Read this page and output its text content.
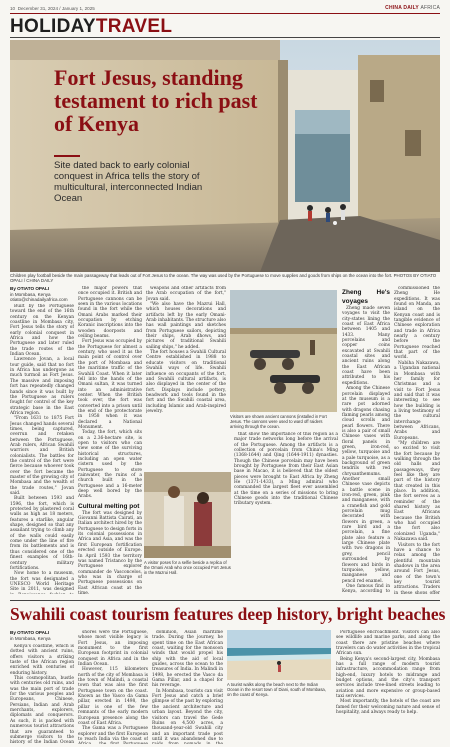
10 December 31, 2024 / January 1, 2025	CHINA DAILY AFRICA
HOLIDAYTRAVEL
Fort Jesus, standing testament to rich past of Kenya
Site dated back to early colonial conquest in Africa tells the story of multicultural, interconnected Indian Ocean
Children play football beside the main passageway that leads out of Fort Jesus to the ocean. The way was used by the Portuguese to move supplies and goods from ships on the ocean into the fort. PHOTOS BY OTIATO OPALI / CHINA DAILY
By OTIATO OPALI
in Mombasa, Kenya
otiato@chinadailyafrica.com

Built by the Portuguese toward the end of the 16th century on the Kenyan coastline in Mombasa city, Fort Jesus tells the story of early colonial conquest in Africa and how the Portuguese and later ruled the trade routes of the Indian Ocean.

Lawrence Jovan, a local tour guide, said that no fort in Africa has undergone as much turmoil as Fort Jesus. The massive and imposing fort has repeatedly changed hands since it was built by the Portuguese as rulers fought for control of the key strategic base in the East Africa region.

"From 1631 to 1875 Fort Jesus changed hands several times, being captured, overrun and retaken between the Portuguese, Arab rulers, African Swahili warriors and British colonialists. The battles for the control of the fort were fierce because whoever took over the fort became the master of the growing city of Mombasa and the wealth of the trade routes," Jovan said.

Built between 1593 and 1596, the fort, which is protected by plastered coral walls as high as 18 meters, features a starlike, angular shape, designed so that any assailant trying to climb any of the walls could easily come under the line of fire from its battlements and is thus considered one of the finest examples of 16th-century military fortifications.

Now home to a museum, the fort was designated a UNESCO World Heritage Site in 2011, was designed

the major powers that once occupied it. British and Portuguese cannons can be seen in the various locations found in the fort while the Omani Arabs marked their occupation by etching Koranic inscriptions into the wooden doorposts and ceiling beams.

Fort Jesus was occupied by the Portuguese for almost a century, who used it as the main point of control over the port of Mombasa and the maritime traffic of the Swahili Coast. When it later fell into the hands of the Omani sultan, it was turned into an administrative center. When the British took over, the fort was converted into a prison until the end of the protectorate in 1958 when it was declared a National Monument.

Today, the fort, which sits on a 2.36-hectare site, is open to visitors who can view some of the surviving historical structures, including an open water cistern used by the Portuguese to store rainwater, the ruins of a church built in the Portuguese and a 16-meter deep well bored by the Arabs.

Cultural melting pot

The fort was designed by Giovanni Battista Cairati, an Italian architect hired by the Portuguese to design forts in its colonial possessions in Africa and Asia, and was the first European fortification erected outside of Europe. In April 1593 the territory was named Tristanco by the Portuguese explorer commander de Vasconcelos, who was in charge of Portuguese possessions on East African coast at the time.

weapons and other artifacts from the Arab occupation of the fort," Jovan said.

"We also have the Mazrui Hall, which houses decorations and artifacts left by the early Omani-Arab inhabitants. The structure also has wall paintings and sketches from Portuguese sailors, depicting their ships, Arab dhows, and pictures of traditional Swahili sailing ships," he added.

The fort houses a Swahili Cultural Centre established in 1988 to educate visitors on traditional Swahili ways of life. Swahili influence on occupants of the fort, and Swahili cultural artifacts, is also displayed in the center of the fort. Displays include pottery, beadwork and tools found in the fort and the Swahili coastal area, including Islamic and Arab-inspired jewelry.

Visitors are shown ancient cannons (installed in Fort Jesus. The cannons were used to ward off raiders arriving through the ocean.
A visitor poses for a selfie beside a replica of the Omani Arab who once occupied Fort Jesus in the Mazrui Hall.

that show the importance of this region as a major trade networks long before the arrival of the Portuguese. Among the artifacts is a collection of porcelain from China's Ming (1368-1644) and Qing (1644-1911) dynasties. Though the Chinese porcelain may have been brought by Portuguese from their East Asian base in Macao, it is believed that the oldest pieces were brought to East Africa by Zheng He (1371-1433), a Ming admiral who commanded the largest fleet ever assembled at the time on a series of missions to bring Chinese goods into the traditional Chinese tributary system.

Zheng He's voyages

Zheng made seven voyages to visit the city-states lining the coast of East Africa between 1405 and 1433. Many porcelains and copper coins excavated at Swahili coastal sites and ancient ruins along the East African coast have been attributed to his expeditions.

Among the Chinese porcelain displayed at the museum is a rare pot adorned with dragons chasing flaming pearls among cloud scrolls and pearl flowers. There is also a pair of small Chinese vases with floral panels in green, iron-red, yellow, turquoise and a pale turquoise, as a background of green tendrils with red chrysanthemums. Another small Chinese vase depicts a battle scene in iron-red, green, pink and manganese, with a cranefish and gold porcelain mug decorated with flowers in green, a rare bird and a porcelain, a fine plate also feature a large Chinese plate with two dragons in grey, pencil surrounded by flowers and birds in turquoise, yellow, manganese and pencil red enamel.

One famous find in Kenya, according to

commissioned the Zheng He expeditions. It was found on Manda, an island on the Kenyan coast and is tangible evidence of Chinese exploration and trade in Africa nearly a century before the Portuguese reached that part of the world.

Nabiha Nakazawa, a Ugandan national in Mombasa with her family for Christmas and a visit to Fort Jesus and said that it was interesting to see how the building is a living testimony of the cultural interchange between Africans, Arabs and Europeans.

"My children are so excited to visit the fort because by walking through the old halls and passageways, they feel like they are part of the history that created in this place. In addition, the fort serves as a reminder of the shared history as East Africans because the British who had occupied the fort also colonized Uganda," Nakazawa said.

Visitors to the fort have a chance to relax among the plentiful mountain shadows in the area around Fort Jesus, one of the town's key tourist attractions. Traders in these shops offer

Swahili coast tourism features deep history, bright beaches
By OTIATO OPALI
in Mombasa, Kenya

Kenya's coastline, which is dotted with ancient ruins, offers visitors a striking taste of the African region enriched with centuries of enduring history.

This cosmopolitan, bustle with centuries old ruins, and was the main port of trade for the various peoples and Europeans, Chinese, Persians, Indian and Arab merchants, explorers, diplomats and conquerors. As such, it is packed with numerous tourist attractions that are guaranteed to submerge visitors to the history of the Indian Ocean

shores were the Portuguese, whose most visible legacy is Fort Jesus, an imposing monument to the first European footprint in colonial conquest in Africa and in the Indian Ocean.

However, 115 kilometers north of the city of Mombasa is the town of Malindi, a coastal town that was also the first Portuguese town on the coast. Known as the Vasco da Gama pillar, erected in 1498, the pillar is one of the few remnants of the early modern European presence along the coast of East Africa.

The Gama was a Portuguese explorer and the first European to reach India via the coast of

dominion, Asian maritime trade. During the journey, he spent time on the East African coast, waiting for the monsoon winds that would propel his ship with the aid of local guides, across the ocean to the treasures of India. In Malindi in 1498, he erected the Vasco da Gama Pillar, and a chapel for his reverage.

In Mombasa, tourists can visit Fort Jesus and catch a brief glimpse of the past by exploring the ancient architecture and urban layout. Beyond the city, visitors can travel the Gede Ruins on 4,500 acres, a thousand-year-old Swahili city and an important trade post until it was abandoned due to

A tourist walks along the beach next to the Indian Ocean in the resort town of Diani, south of Mombasa, on the coast of Kenya.

Portuguese encroachment. Visitors can also see wildlife and marine parks, and along the coast there are pristine beaches where travelers can do water activities in the tropical African sun.

Being Kenya's second-largest city, Mombasa has a full range of modern tourist infrastructure, accommodation range from high-end, luxury hotels to midrange and budget options, and the city's transport services include tree-lined streets leading to aviation and more expensive or group-based taxi services.

Most importantly, the hotels of the coast are famed for their welcoming nature and sense of hospitality, and always ready to help.
